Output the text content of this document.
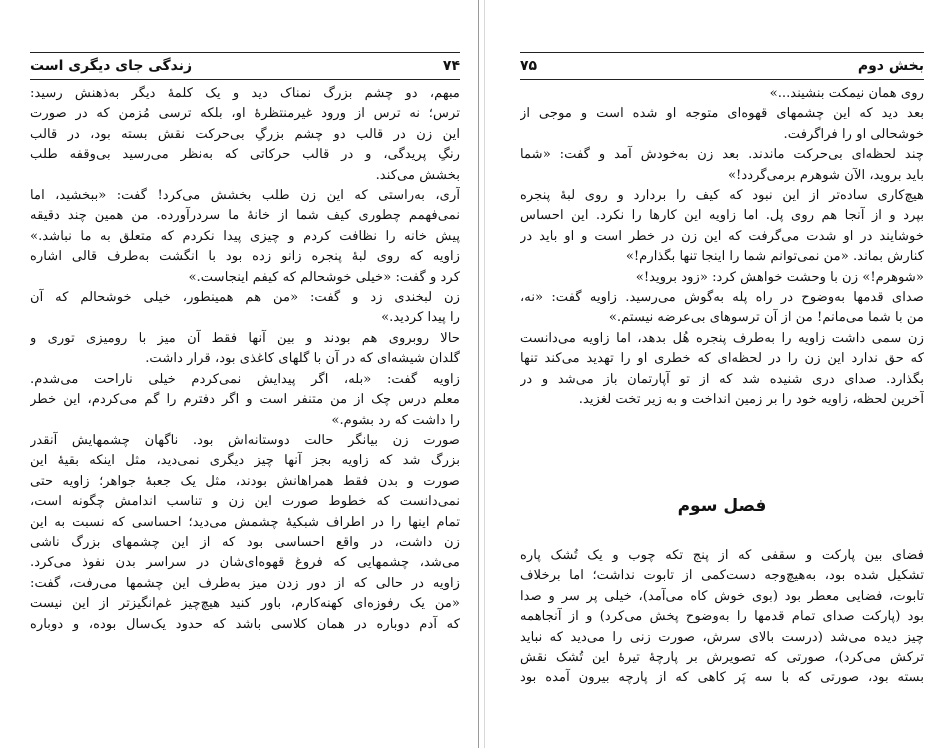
۷۴
زندگی جای دیگری است
مبهم، دو چشم بزرگ نمناک دید و یک کلمهٔ دیگر به‌ذهنش رسید:
ترس؛ نه ترس از ورود غیرمنتظرهٔ او، بلکه ترسی مُزمن که در صورت
این زن در قالب دو چشم بزرگِ بی‌حرکت نقش بسته بود، در قالب
رنگِ پریدگی، و در قالب حرکاتی که به‌نظر می‌رسید بی‌وقفه طلب
بخشش می‌کند.
آری، به‌راستی که این زن طلب بخشش می‌کرد! گفت: «ببخشید، اما
نمی‌فهمم چطوری کیف شما از خانهٔ ما سردرآورده. من همین چند دقیقه
پیش خانه را نظافت کردم و چیزی پیدا نکردم که متعلق به ما نباشد.»
زاویه که روی لبهٔ پنجره زانو زده بود با انگشت به‌طرف قالی اشاره
کرد و گفت: «خیلی خوشحالم که کیفم اینجاست.»
زن لبخندی زد و گفت: «من هم همینطور، خیلی خوشحالم که آن
را پیدا کردید.»
حالا روبروی هم بودند و بین آنها فقط آن میز با رومیزی توری و
گلدان شیشه‌ای که در آن با گلهای کاغذی بود، قرار داشت.
زاویه گفت: «بله، اگر پیدایش نمی‌کردم خیلی ناراحت می‌شدم.
معلم درس چک از من متنفر است و اگر دفترم را گم می‌کردم، این خطر
را داشت که رد بشوم.»
صورت زن بیانگر حالت دوستانه‌اش بود. ناگهان چشمهایش آنقدر
بزرگ شد که زاویه بجز آنها چیز دیگری نمی‌دید، مثل اینکه بقیهٔ این
صورت و بدن فقط همراهانش بودند، مثل یک جعبهٔ جواهر؛ زاویه حتی
نمی‌دانست که خطوط صورت این زن و تناسب اندامش چگونه است،
تمام اینها را در اطراف شبکیهٔ چشمش می‌دید؛ احساسی که نسبت به این
زن داشت، در واقع احساسی بود که از این چشمهای بزرگ ناشی
می‌شد، چشمهایی که فروغ قهوه‌ای‌شان در سراسر بدن نفوذ می‌کرد.
زاویه در حالی که از دور زدن میز به‌طرف این چشمها می‌رفت، گفت:
«من یک رفوزه‌ای کهنه‌کارم، باور کنید هیچ‌چیز غم‌انگیزتر از این نیست
که آدم دوباره در همان کلاسی باشد که حدود یک‌سال بوده، و دوباره
بخش دوم
۷۵
روی همان نیمکت بنشیند...»
بعد دید که این چشمهای قهوه‌ای متوجه او شده است و موجی از
خوشحالی او را فراگرفت.
چند لحظه‌ای بی‌حرکت ماندند. بعد زن به‌خودش آمد و گفت: «شما
باید بروید، الآن شوهرم برمی‌گردد!»
هیچ‌کاری ساده‌تر از این نبود که کیف را بردارد و روی لبهٔ پنجره
بپرد و از آنجا هم روی پل. اما زاویه این کارها را نکرد. این احساس
خوشایند در او شدت می‌گرفت که این زن در خطر است و او باید در
کنارش بماند. «من نمی‌توانم شما را اینجا تنها بگذارم!»
«شوهرم!» زن با وحشت خواهش کرد: «زود بروید!»
صدای قدمها به‌وضوح در راه پله به‌گوش می‌رسید. زاویه گفت: «نه،
من با شما می‌مانم! من از آن ترسوهای بی‌عرضه نیستم.»
زن سمی داشت زاویه را به‌طرف پنجره هُل بدهد، اما زاویه می‌دانست
که حق ندارد این زن را در لحظه‌ای که خطری او را تهدید می‌کند تنها
بگذارد. صدای دری شنیده شد که از تو آپارتمان باز می‌شد و در
آخرین لحظه، زاویه خود را بر زمین انداخت و به زیر تخت لغزید.
فصل سوم
فضای بین پارکت و سقفی که از پنج تکه چوب و یک تُشک پاره
تشکیل شده بود، به‌هیچ‌وجه دست‌کمی از تابوت نداشت؛ اما برخلاف
تابوت، فضایی معطر بود (بوی خوش کاه می‌آمد)، خیلی پر سر و صدا
بود (پارکت صدای تمام قدمها را به‌وضوح پخش می‌کرد) و از آنجاهمه
چیز دیده می‌شد (درست بالای سرش، صورت زنی را می‌دید که نباید
ترکش می‌کرد)، صورتی که تصویرش بر پارچهٔ تیرهٔ این تُشک نقش
بسته بود، صورتی که با سه پَر کاهی که از پارچه بیرون آمده بود
